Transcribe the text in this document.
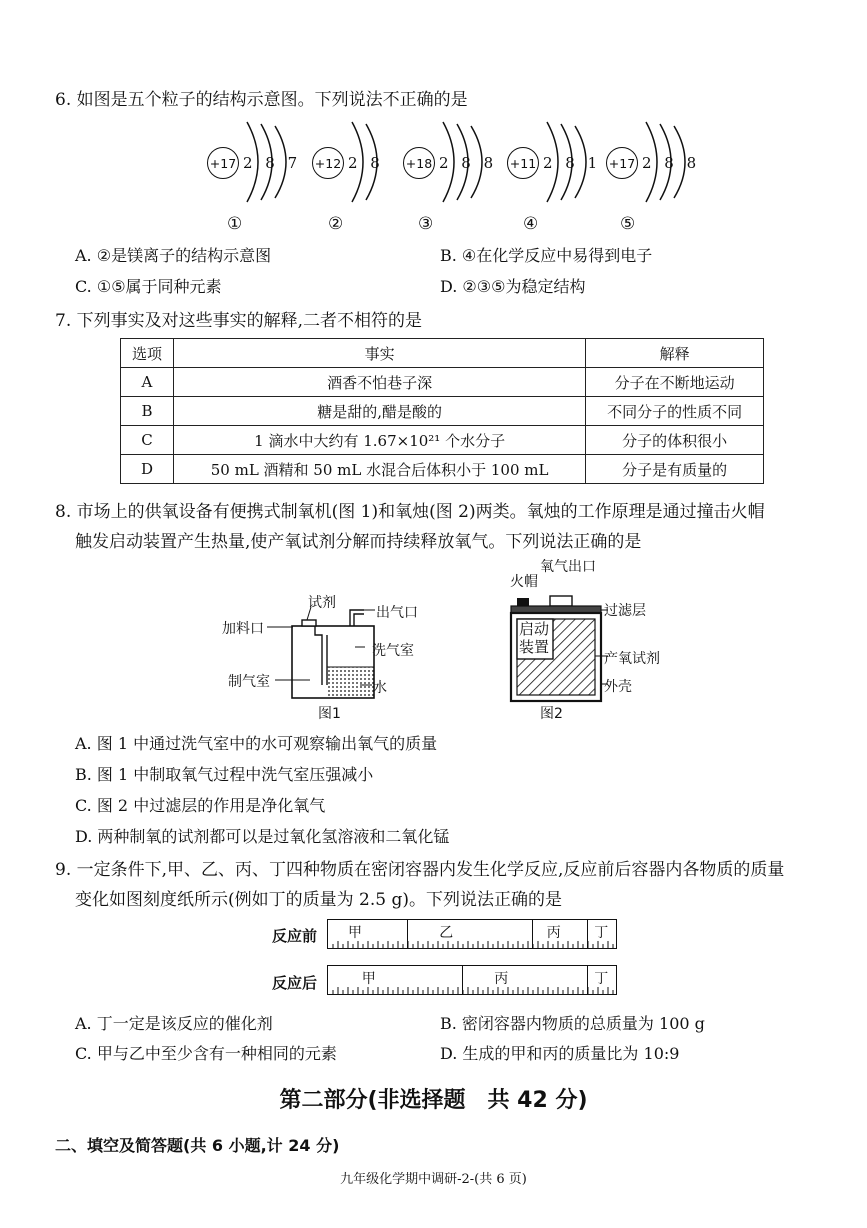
6. 如图是五个粒子的结构示意图。下列说法不正确的是
+17 2 8 7
①
+12 2 8
②
+18 2 8 8
③
+11 2 8 1
④
+17 2 8 8
⑤
A. ②是镁离子的结构示意图	B. ④在化学反应中易得到电子
C. ①⑤属于同种元素	D. ②③⑤为稳定结构
7. 下列事实及对这些事实的解释,二者不相符的是
选项	事实	解释
A	酒香不怕巷子深	分子在不断地运动
B	糖是甜的,醋是酸的	不同分子的性质不同
C	1 滴水中大约有 1.67×10²¹ 个水分子	分子的体积很小
D	50 mL 酒精和 50 mL 水混合后体积小于 100 mL	分子是有质量的
8. 市场上的供氧设备有便携式制氧机(图 1)和氧烛(图 2)两类。氧烛的工作原理是通过撞击火帽
触发启动装置产生热量,使产氧试剂分解而持续释放氧气。下列说法正确的是
试剂
加料口
出气口
洗气室
制气室	水
图1
氧气出口
火帽
过滤层
启动
装置
产氧试剂
外壳
图2
A. 图 1 中通过洗气室中的水可观察输出氧气的质量
B. 图 1 中制取氧气过程中洗气室压强减小
C. 图 2 中过滤层的作用是净化氧气
D. 两种制氧的试剂都可以是过氧化氢溶液和二氧化锰
9. 一定条件下,甲、乙、丙、丁四种物质在密闭容器内发生化学反应,反应前后容器内各物质的质量
变化如图刻度纸所示(例如丁的质量为 2.5 g)。下列说法正确的是
反应前 甲	乙	丙 丁
反应后	甲	丙	丁
A. 丁一定是该反应的催化剂	B. 密闭容器内物质的总质量为 100 g
C. 甲与乙中至少含有一种相同的元素	D. 生成的甲和丙的质量比为 10:9
第二部分(非选择题　共 42 分)
二、填空及简答题(共 6 小题,计 24 分)
九年级化学期中调研-2-(共 6 页)
